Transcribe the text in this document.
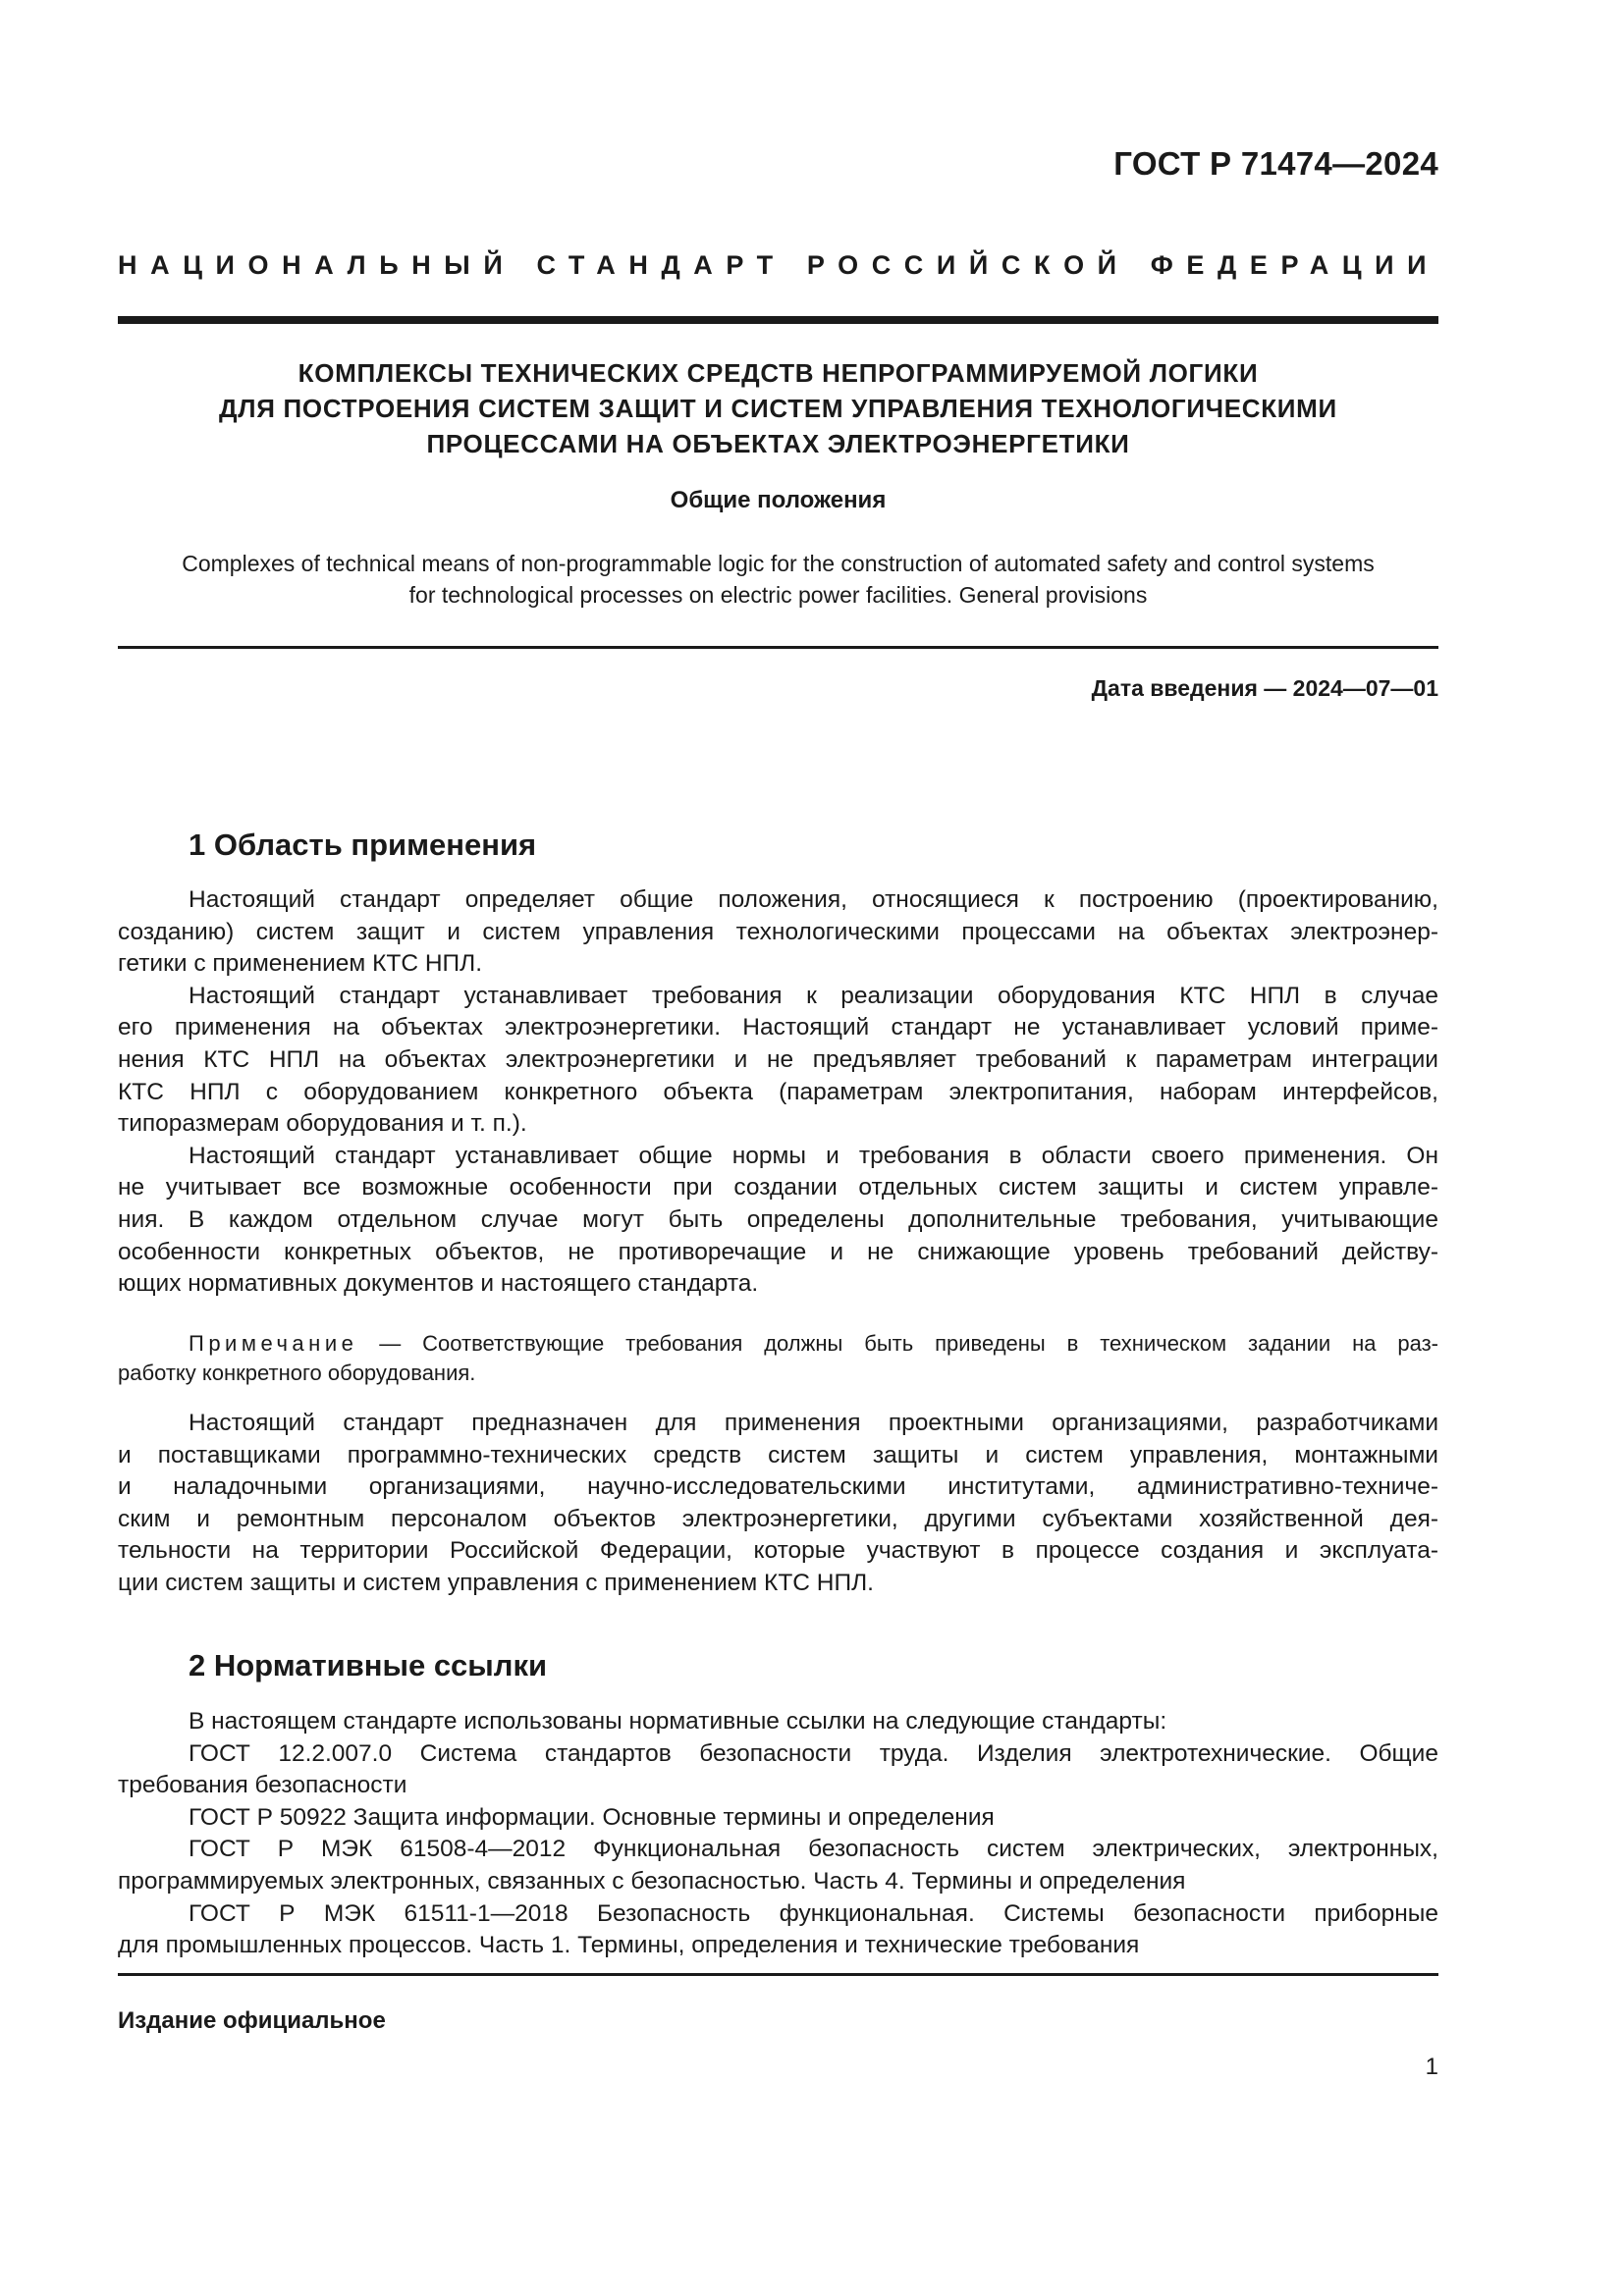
ГОСТ Р 71474—2024
НАЦИОНАЛЬНЫЙ СТАНДАРТ РОССИЙСКОЙ ФЕДЕРАЦИИ
КОМПЛЕКСЫ ТЕХНИЧЕСКИХ СРЕДСТВ НЕПРОГРАММИРУЕМОЙ ЛОГИКИ
ДЛЯ ПОСТРОЕНИЯ СИСТЕМ ЗАЩИТ И СИСТЕМ УПРАВЛЕНИЯ ТЕХНОЛОГИЧЕСКИМИ
ПРОЦЕССАМИ НА ОБЪЕКТАХ ЭЛЕКТРОЭНЕРГЕТИКИ
Общие положения
Complexes of technical means of non-programmable logic for the construction of automated safety and control systems
for technological processes on electric power facilities. General provisions
Дата введения — 2024—07—01
1 Область применения

Настоящий стандарт определяет общие положения, относящиеся к построению (проектированию,
созданию) систем защит и систем управления технологическими процессами на объектах электроэнер-
гетики с применением КТС НПЛ.

Настоящий стандарт устанавливает требования к реализации оборудования КТС НПЛ в случае
его применения на объектах электроэнергетики. Настоящий стандарт не устанавливает условий приме-
нения КТС НПЛ на объектах электроэнергетики и не предъявляет требований к параметрам интеграции
КТС НПЛ с оборудованием конкретного объекта (параметрам электропитания, наборам интерфейсов,
типоразмерам оборудования и т. п.).

Настоящий стандарт устанавливает общие нормы и требования в области своего применения. Он
не учитывает все возможные особенности при создании отдельных систем защиты и систем управле-
ния. В каждом отдельном случае могут быть определены дополнительные требования, учитывающие
особенности конкретных объектов, не противоречащие и не снижающие уровень требований действу-
ющих нормативных документов и настоящего стандарта.

Примечание — Соответствующие требования должны быть приведены в техническом задании на раз-
работку конкретного оборудования.

Настоящий стандарт предназначен для применения проектными организациями, разработчиками
и поставщиками программно-технических средств систем защиты и систем управления, монтажными
и наладочными организациями, научно-исследовательскими институтами, административно-техниче-
ским и ремонтным персоналом объектов электроэнергетики, другими субъектами хозяйственной дея-
тельности на территории Российской Федерации, которые участвуют в процессе создания и эксплуата-
ции систем защиты и систем управления с применением КТС НПЛ.

2 Нормативные ссылки

В настоящем стандарте использованы нормативные ссылки на следующие стандарты:

ГОСТ 12.2.007.0 Система стандартов безопасности труда. Изделия электротехнические. Общие
требования безопасности

ГОСТ Р 50922 Защита информации. Основные термины и определения

ГОСТ Р МЭК 61508-4—2012 Функциональная безопасность систем электрических, электронных,
программируемых электронных, связанных с безопасностью. Часть 4. Термины и определения

ГОСТ Р МЭК 61511-1—2018 Безопасность функциональная. Системы безопасности приборные
для промышленных процессов. Часть 1. Термины, определения и технические требования

Издание официальное
1
